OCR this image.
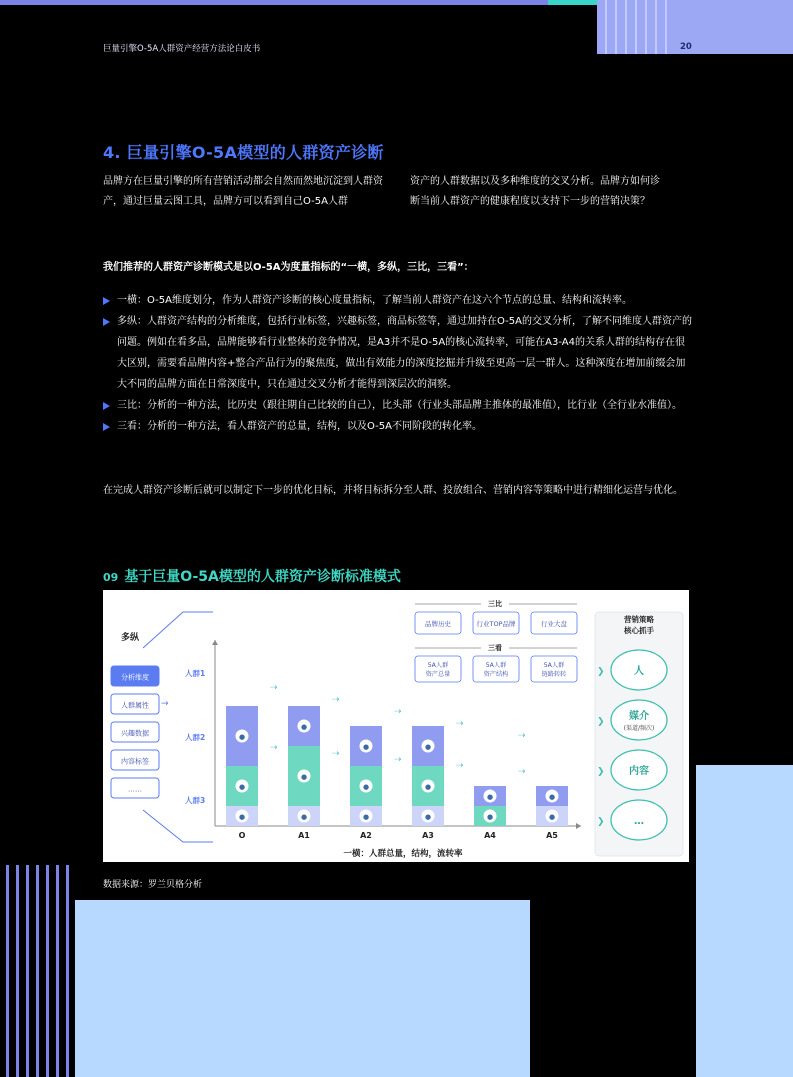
巨量引擎O-5A人群资产经营方法论白皮书	20
4. 巨量引擎O-5A模型的人群资产诊断
品牌方在巨量引擎的所有营销活动都会自然而然地沉淀到人群资
产，通过巨量云图工具，品牌方可以看到自己O-5A人群
资产的人群数据以及多种维度的交叉分析。品牌方如何诊
断当前人群资产的健康程度以支持下一步的营销决策？
我们推荐的人群资产诊断模式是以O-5A为度量指标的“一横，多纵，三比，三看”：
一横：O-5A维度划分，作为人群资产诊断的核心度量指标，了解当前人群资产在这六个节点的总量、结构和流转率。
多纵：人群资产结构的分析维度，包括行业标签，兴趣标签，商品标签等，通过加持在O-5A的交叉分析，了解不同维度人群资产的问题。例如在看多品，品牌能够看行业整体的竞争情况，是A3并不是O-5A的核心流转率，可能在A3-A4的关系人群的结构存在很大区别，需要看品牌内容+整合产品行为的聚焦度，做出有效能力的深度挖掘并升级至更高一层一群人。这种深度在增加前缀会加大不同的品牌方面在日常深度中，只在通过交叉分析才能得到深层次的洞察。
三比：分析的一种方法，比历史（跟往期自己比较的自己），比头部（行业头部品牌主推体的最准值），比行业（全行业水准值）。
三看：分析的一种方法，看人群资产的总量，结构，以及O-5A不同阶段的转化率。
在完成人群资产诊断后就可以制定下一步的优化目标，并将目标拆分至人群、投放组合、营销内容等策略中进行精细化运营与优化。
09 基于巨量O-5A模型的人群资产诊断标准模式
多纵
分析维度
人群属性
兴趣数据
内容标签
……
→
人群1
人群2
人群3
●
●
●
O
⇢
⇢
●
●
●
A1
⇢
⇢
●
●
●
A2
⇢
⇢
●
●
●
A3
⇢
⇢
●
●
A4
⇢
⇢
●
●
A5
一横：人群总量，结构，流转率
三比
品牌历史	行业TOP品牌	行业大盘
三看
5A人群
资产总量
5A人群
资产结构
5A人群
链路转转
营销策略
核心抓手
人
❯
媒介
(渠道/频次)
❯
内容
❯
…
❯
数据来源：罗兰贝格分析
